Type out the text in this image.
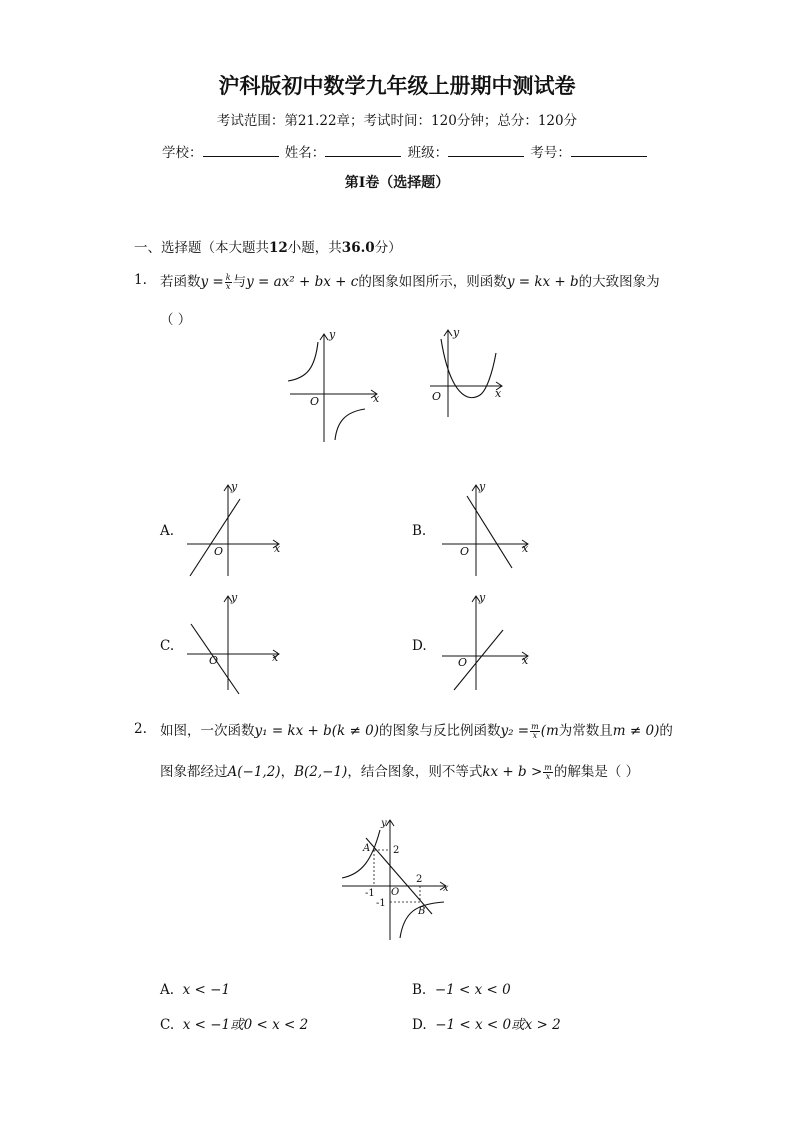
沪科版初中数学九年级上册期中测试卷
考试范围：第21.22章；考试时间：120分钟；总分：120分
学校：	姓名：	班级：	考号：
第I卷（选择题）
一、选择题（本大题共12小题，共36.0分）
1. 若函数$y = \frac{k}{x}$ 与y = ax² + bx + c的图象如图所示，则函数y = kx + b的大致图象为
（ ）
y
x
O
y
x
O
A.
y
x
O
B.
y
x
O
C.
y
x
O
D.
y
x
O
2. 如图，一次函数y₁ = kx + b(k ≠ 0)的图象与反比例函数$y_2 = \frac{m}{x} (m$为常数且m ≠ 0)的
图象都经过A(−1,2)，B(2,−1)，结合图象，则不等式kx + $b > \frac{m}{x}$ 的解集是（ ）
y
x
A 2
-1 O
2
-1
B
A. x < −1	B. −1 < x < 0
C. x < −1或0 < x < 2	D. −1 < x < 0或x > 2
